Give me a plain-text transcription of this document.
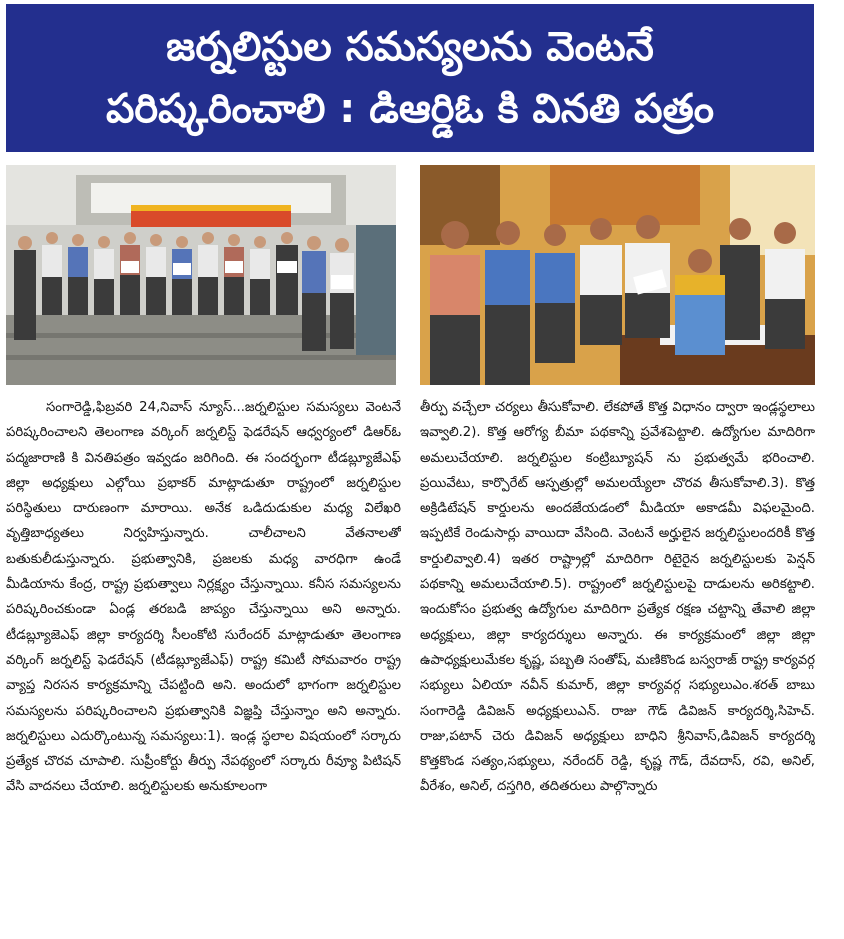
జర్నలిస్టుల సమస్యలను వెంటనే
పరిష్కరించాలి : డిఆర్డిఓ కి వినతి పత్రం
సంగారెడ్డి,ఫిబ్రవరి 24,నివాస్ న్యూస్...జర్నలిస్టుల సమస్యలు వెంటనే పరిష్కరించాలని తెలంగాణ వర్కింగ్ జర్నలిస్ట్ ఫెడరేషన్ ఆధ్వర్యంలో డిఆర్ఓ పద్మజారాణి కి వినతిపత్రం ఇవ్వడం జరిగింది. ఈ సందర్భంగా టీడబ్ల్యూజేఎఫ్ జిల్లా అధ్యక్షులు ఎల్గోయి ప్రభాకర్ మాట్లాడుతూ రాష్ట్రంలో జర్నలిస్టుల పరిస్థితులు దారుణంగా మారాయి. అనేక ఒడిదుడుకుల మధ్య విలేఖరి వృత్తిబాధ్యతలు నిర్వహిస్తున్నారు. చాలీచాలని వేతనాలతో బతుకులీడుస్తున్నారు. ప్రభుత్వానికి, ప్రజలకు మధ్య వారధిగా ఉండే మీడియాను కేంద్ర, రాష్ట్ర ప్రభుత్వాలు నిర్లక్ష్యం చేస్తున్నాయి. కనీస సమస్యలను పరిష్కరించకుండా ఏండ్ల తరబడి జాప్యం చేస్తున్నాయి అని అన్నారు. టీడబ్ల్యూజెఎఫ్ జిల్లా కార్యదర్శి సీలంకోటి సురేందర్ మాట్లాడుతూ తెలంగాణ వర్కింగ్ జర్నలిస్ట్ ఫెడరేషన్ (టీడబ్ల్యూజేఎఫ్) రాష్ట్ర కమిటీ సోమవారం రాష్ట్ర వ్యాప్త నిరసన కార్యక్రమాన్ని చేపట్టింది అని. అందులో భాగంగా జర్నలిస్టుల సమస్యలను పరిష్కరించాలని ప్రభుత్వానికి విజ్ఞప్తి చేస్తున్నాం అని అన్నారు. జర్నలిస్టులు ఎదుర్కొంటున్న సమస్యలు:1). ఇండ్ల స్థలాల విషయంలో సర్కారు ప్రత్యేక చొరవ చూపాలి. సుప్రీంకోర్టు తీర్పు నేపథ్యంలో సర్కారు రీవ్యూ పిటిషన్ వేసి వాదనలు చేయాలి. జర్నలిస్టులకు అనుకూలంగా
తీర్పు వచ్చేలా చర్యలు తీసుకోవాలి. లేకపోతే కొత్త విధానం ద్వారా ఇండ్లస్థలాలు ఇవ్వాలి.2). కొత్త ఆరోగ్య బీమా పథకాన్ని ప్రవేశపెట్టాలి. ఉద్యోగుల మాదిరిగా అమలుచేయాలి. జర్నలిస్టుల కంట్రిబ్యూషన్ ను ప్రభుత్వమే భరించాలి. ప్రయివేటు, కార్పొరేట్ ఆస్పత్రుల్లో అమలయ్యేలా చొరవ తీసుకోవాలి.3). కొత్త అక్రిడిటేషన్ కార్డులను అందజేయడంలో మీడియా అకాడమీ విఫలమైంది. ఇప్పటికే రెండుసార్లు వాయిదా వేసింది. వెంటనే అర్హులైన జర్నలిస్టులందరికీ కొత్త కార్డులివ్వాలి.4) ఇతర రాష్ట్రాల్లో మాదిరిగా రిటైరైన జర్నలిస్టులకు పెన్షన్ పథకాన్ని అమలుచేయాలి.5). రాష్ట్రంలో జర్నలిస్టులపై దాడులను అరికట్టాలి. ఇందుకోసం ప్రభుత్వ ఉద్యోగుల మాదిరిగా ప్రత్యేక రక్షణ చట్టాన్ని తేవాలి జిల్లా అధ్యక్షులు, జిల్లా కార్యదర్శులు అన్నారు. ఈ కార్యక్రమంలో జిల్లా జిల్లా ఉపాధ్యక్షులుమేకల కృష్ణ, పబ్బతి సంతోష్, మణికొండ బస్వరాజ్ రాష్ట్ర కార్యవర్గ సభ్యులు ఏలియా నవీన్ కుమార్, జిల్లా కార్యవర్గ సభ్యులుఎం.శరత్ బాబు సంగారెడ్డి డివిజన్ అధ్యక్షులుఎన్. రాజు గౌడ్ డివిజన్ కార్యదర్శి,సిహెచ్. రాజు,పటాన్ చెరు డివిజన్ అధ్యక్షులు బాధిని శ్రీనివాస్,డివిజన్ కార్యదర్శి కొత్తకొండ సత్యం,సభ్యులు, నరేందర్ రెడ్డి, కృష్ణ గౌడ్, దేవదాస్, రవి, అనిల్, వీరేశం, అనిల్, దస్తగిరి, తదితరులు పాల్గొన్నారు
